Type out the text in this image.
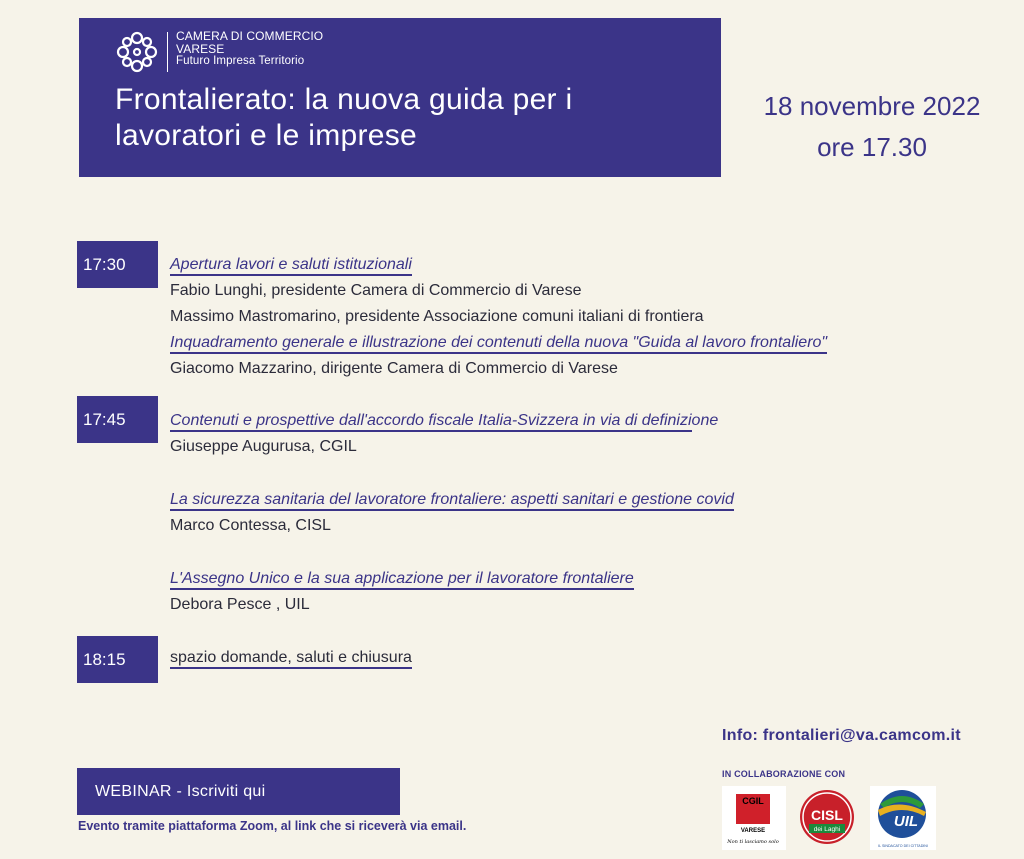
CAMERA DI COMMERCIO
VARESE
Futuro Impresa Territorio
Frontalierato: la nuova guida per i lavoratori e le imprese
18 novembre 2022
ore 17.30
17:30	Apertura lavori e saluti istituzionali
Fabio Lunghi, presidente Camera di Commercio di Varese
Massimo Mastromarino, presidente Associazione comuni italiani di frontiera
Inquadramento generale e illustrazione dei contenuti della nuova "Guida al lavoro frontaliero"
Giacomo Mazzarino, dirigente Camera di Commercio di Varese
17:45	Contenuti e prospettive dall'accordo fiscale Italia-Svizzera in via di definizione
Giuseppe Augurusa, CGIL
La sicurezza sanitaria del lavoratore frontaliere: aspetti sanitari e gestione covid
Marco Contessa, CISL
L'Assegno Unico e la sua applicazione per il lavoratore frontaliere
Debora Pesce , UIL
18:15	spazio domande, saluti e chiusura
Info: frontalieri@va.camcom.it
WEBINAR - Iscriviti qui
Evento tramite piattaforma Zoom, al link che si riceverà via email.
IN COLLABORAZIONE CON
CGIL
VARESE
Non ti lasciamo solo
CISL
dei Laghi	UIL
IL SINDACATO DEI CITTADINI
